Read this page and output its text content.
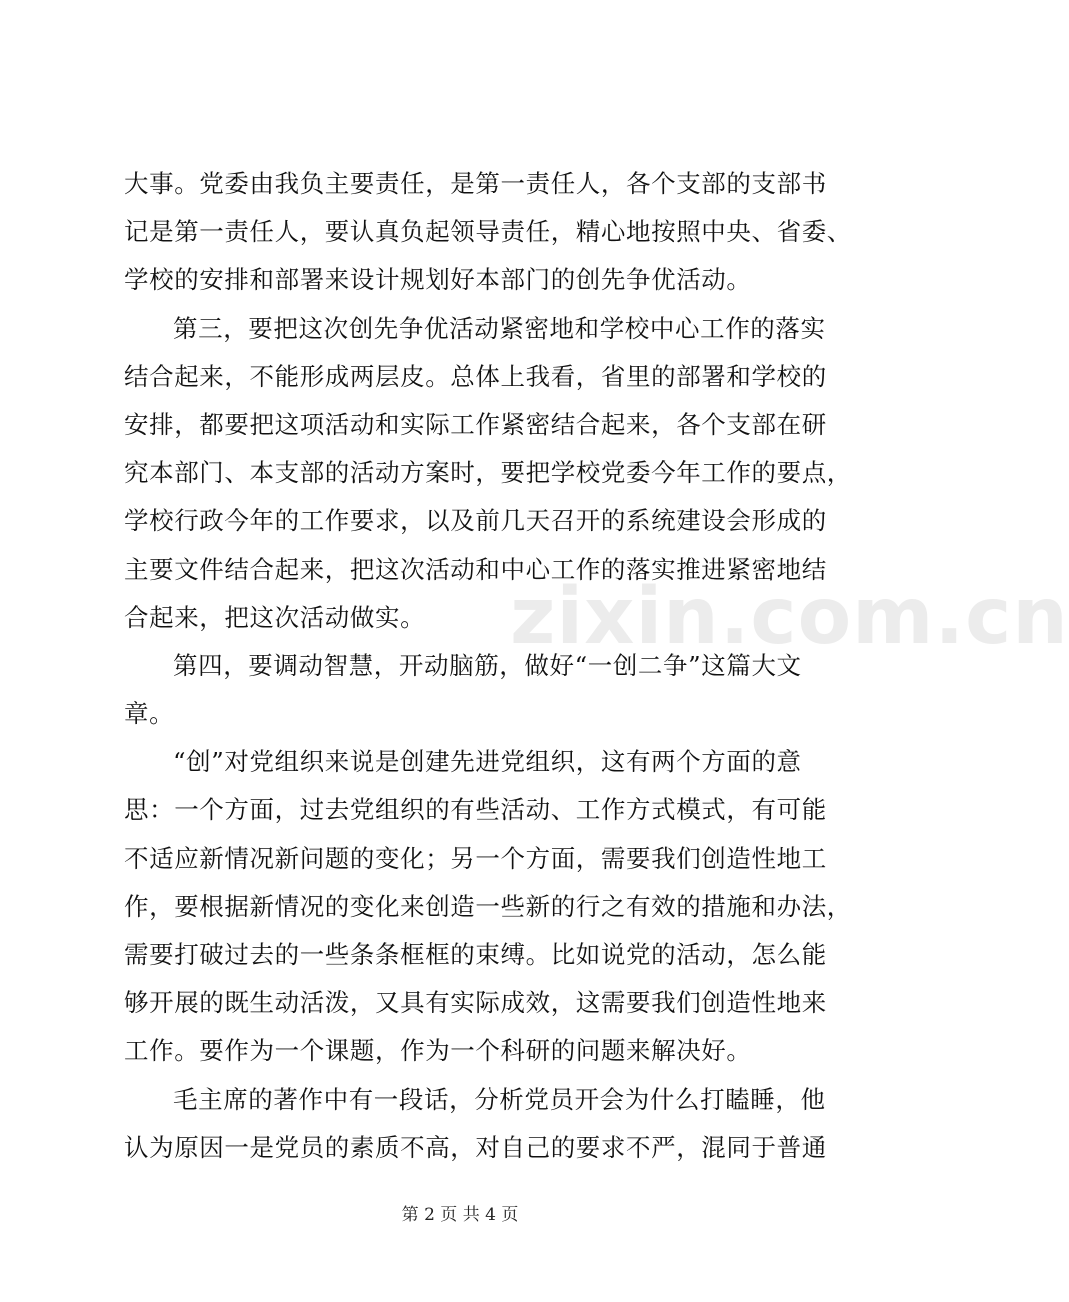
大事。党委由我负主要责任，是第一责任人，各个支部的支部书
记是第一责任人，要认真负起领导责任，精心地按照中央、省委、
学校的安排和部署来设计规划好本部门的创先争优活动。
第三，要把这次创先争优活动紧密地和学校中心工作的落实
结合起来，不能形成两层皮。总体上我看，省里的部署和学校的
安排，都要把这项活动和实际工作紧密结合起来，各个支部在研
究本部门、本支部的活动方案时，要把学校党委今年工作的要点，
学校行政今年的工作要求，以及前几天召开的系统建设会形成的
主要文件结合起来，把这次活动和中心工作的落实推进紧密地结
合起来，把这次活动做实。
第四，要调动智慧，开动脑筋，做好“一创二争”这篇大文
章。
“创”对党组织来说是创建先进党组织，这有两个方面的意
思：一个方面，过去党组织的有些活动、工作方式模式，有可能
不适应新情况新问题的变化；另一个方面，需要我们创造性地工
作，要根据新情况的变化来创造一些新的行之有效的措施和办法，
需要打破过去的一些条条框框的束缚。比如说党的活动，怎么能
够开展的既生动活泼，又具有实际成效，这需要我们创造性地来
工作。要作为一个课题，作为一个科研的问题来解决好。
毛主席的著作中有一段话，分析党员开会为什么打瞌睡，他
认为原因一是党员的素质不高，对自己的要求不严，混同于普通
zixin.com.cn
第 2 页 共 4 页
